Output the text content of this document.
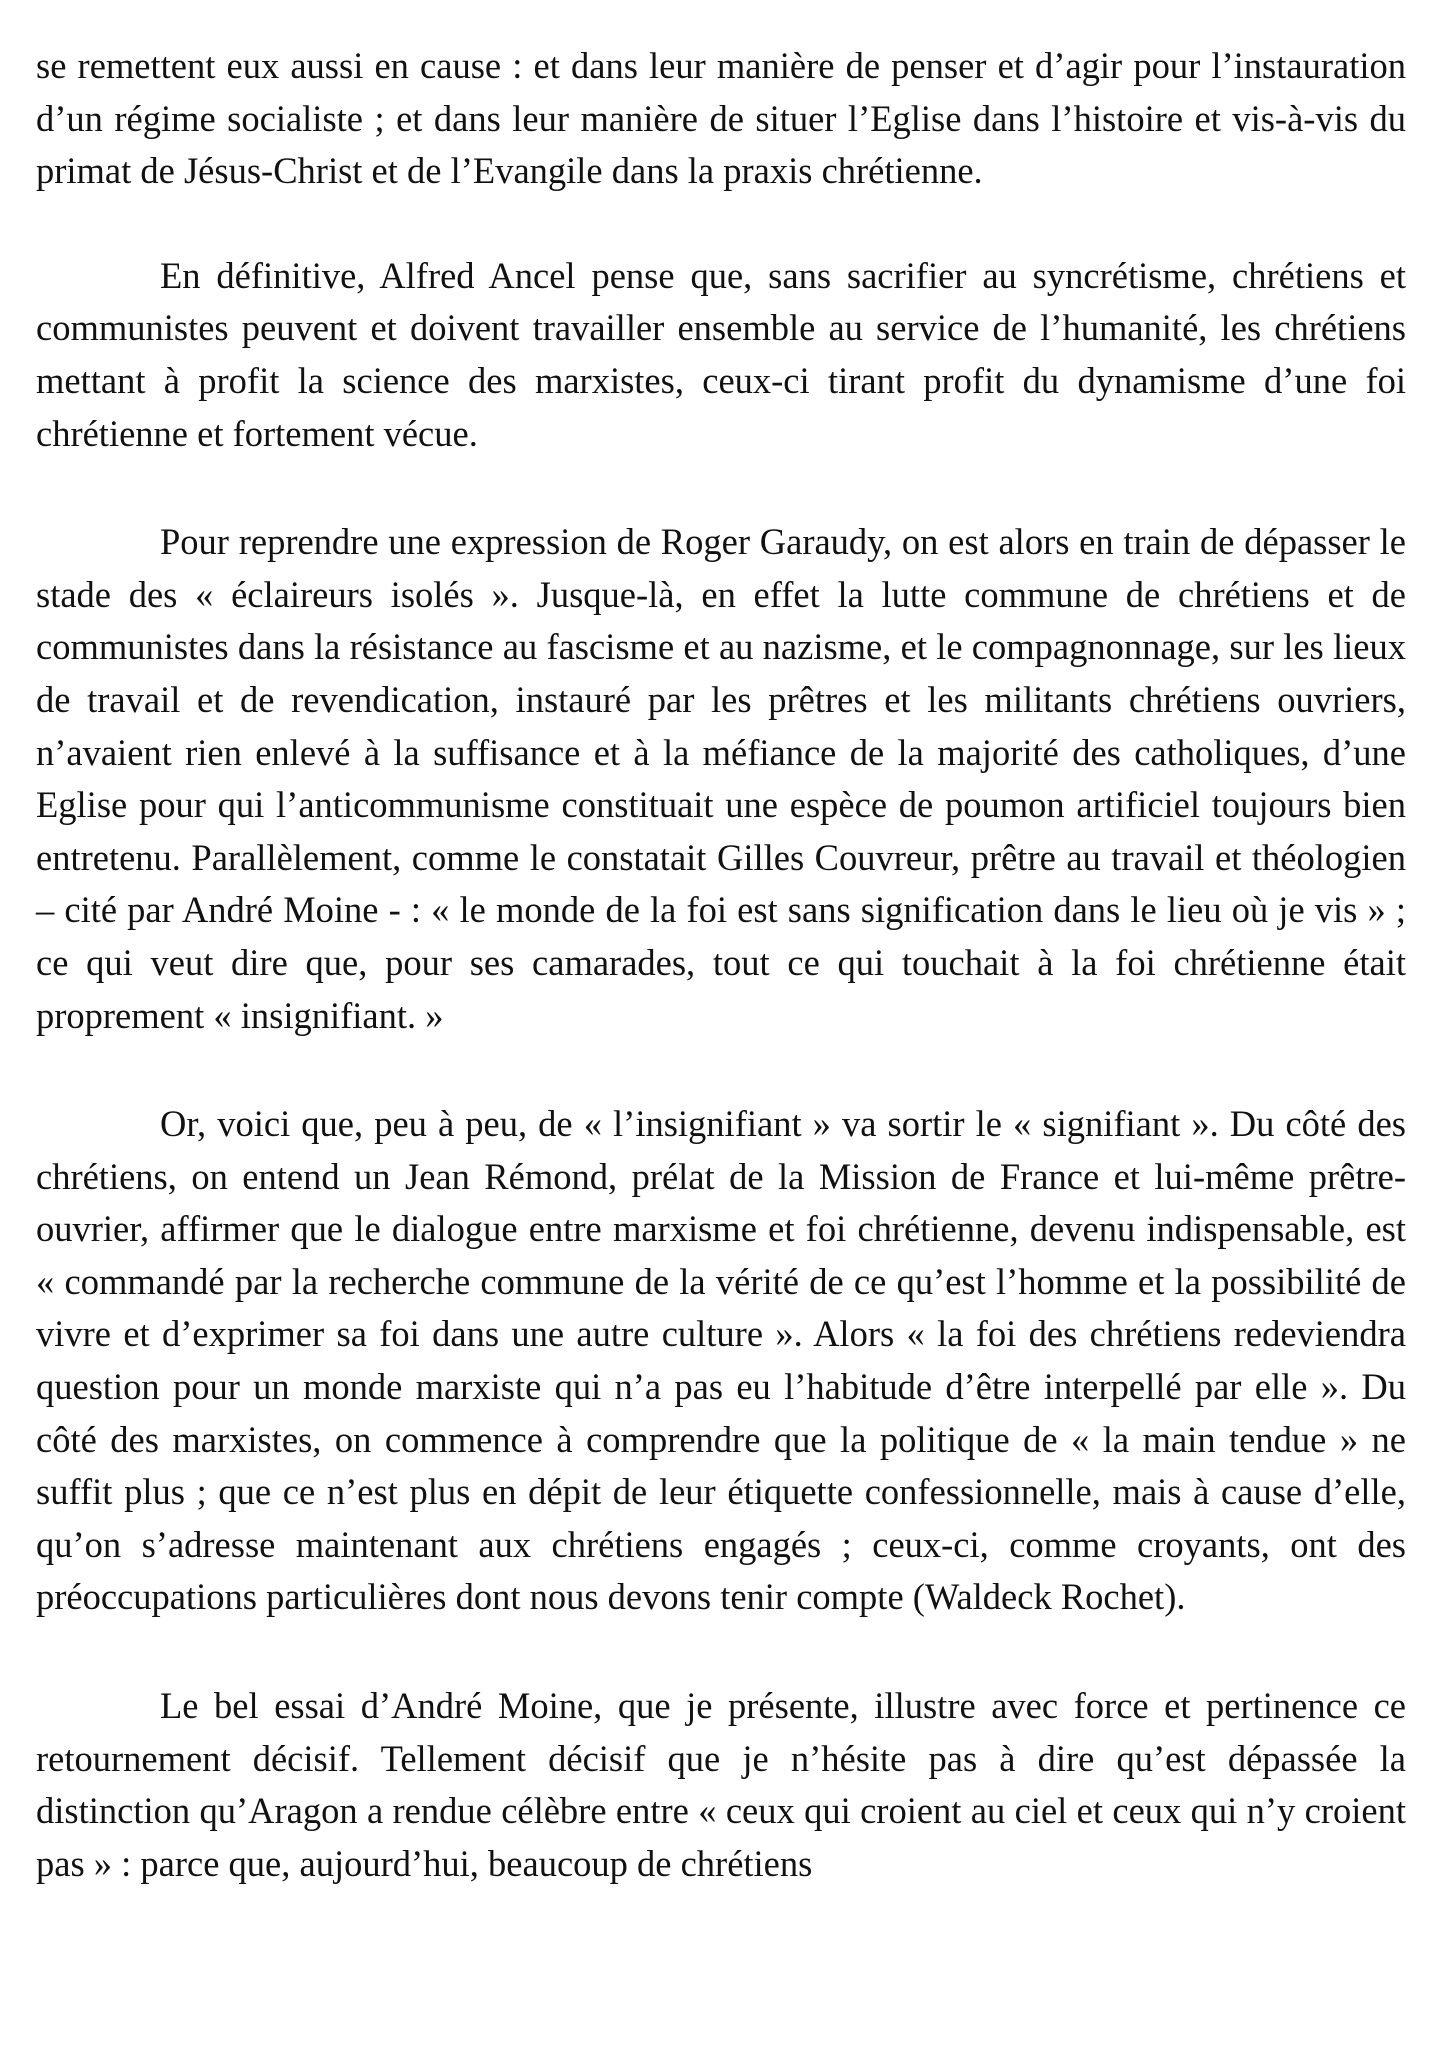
se remettent eux aussi en cause : et dans leur manière de penser et d’agir pour l’instauration d’un régime socialiste ; et dans leur manière de situer l’Eglise dans l’histoire et vis-à-vis du primat de Jésus-Christ et de l’Evangile dans la praxis chrétienne.

En définitive, Alfred Ancel pense que, sans sacrifier au syncrétisme, chrétiens et communistes peuvent et doivent travailler ensemble au service de l’humanité, les chrétiens mettant à profit la science des marxistes, ceux-ci tirant profit du dynamisme d’une foi chrétienne et fortement vécue.

Pour reprendre une expression de Roger Garaudy, on est alors en train de dépasser le stade des « éclaireurs isolés ». Jusque-là, en effet la lutte commune de chrétiens et de communistes dans la résistance au fascisme et au nazisme, et le compagnonnage, sur les lieux de travail et de revendication, instauré par les prêtres et les militants chrétiens ouvriers, n’avaient rien enlevé à la suffisance et à la méfiance de la majorité des catholiques, d’une Eglise pour qui l’anticommunisme constituait une espèce de poumon artificiel toujours bien entretenu. Parallèlement, comme le constatait Gilles Couvreur, prêtre au travail et théologien – cité par André Moine - : « le monde de la foi est sans signification dans le lieu où je vis » ; ce qui veut dire que, pour ses camarades, tout ce qui touchait à la foi chrétienne était proprement « insignifiant. »

Or, voici que, peu à peu, de « l’insignifiant » va sortir le « signifiant ». Du côté des chrétiens, on entend un Jean Rémond, prélat de la Mission de France et lui-même prêtre-ouvrier, affirmer que le dialogue entre marxisme et foi chrétienne, devenu indispensable, est « commandé par la recherche commune de la vérité de ce qu’est l’homme et la possibilité de vivre et d’exprimer sa foi dans une autre culture ». Alors « la foi des chrétiens redeviendra question pour un monde marxiste qui n’a pas eu l’habitude d’être interpellé par elle ». Du côté des marxistes, on commence à comprendre que la politique de « la main tendue » ne suffit plus ; que ce n’est plus en dépit de leur étiquette confessionnelle, mais à cause d’elle, qu’on s’adresse maintenant aux chrétiens engagés ; ceux-ci, comme croyants, ont des préoccupations particulières dont nous devons tenir compte (Waldeck Rochet).

Le bel essai d’André Moine, que je présente, illustre avec force et pertinence ce retournement décisif. Tellement décisif que je n’hésite pas à dire qu’est dépassée la distinction qu’Aragon a rendue célèbre entre « ceux qui croient au ciel et ceux qui n’y croient pas » : parce que, aujourd’hui, beaucoup de chrétiens
